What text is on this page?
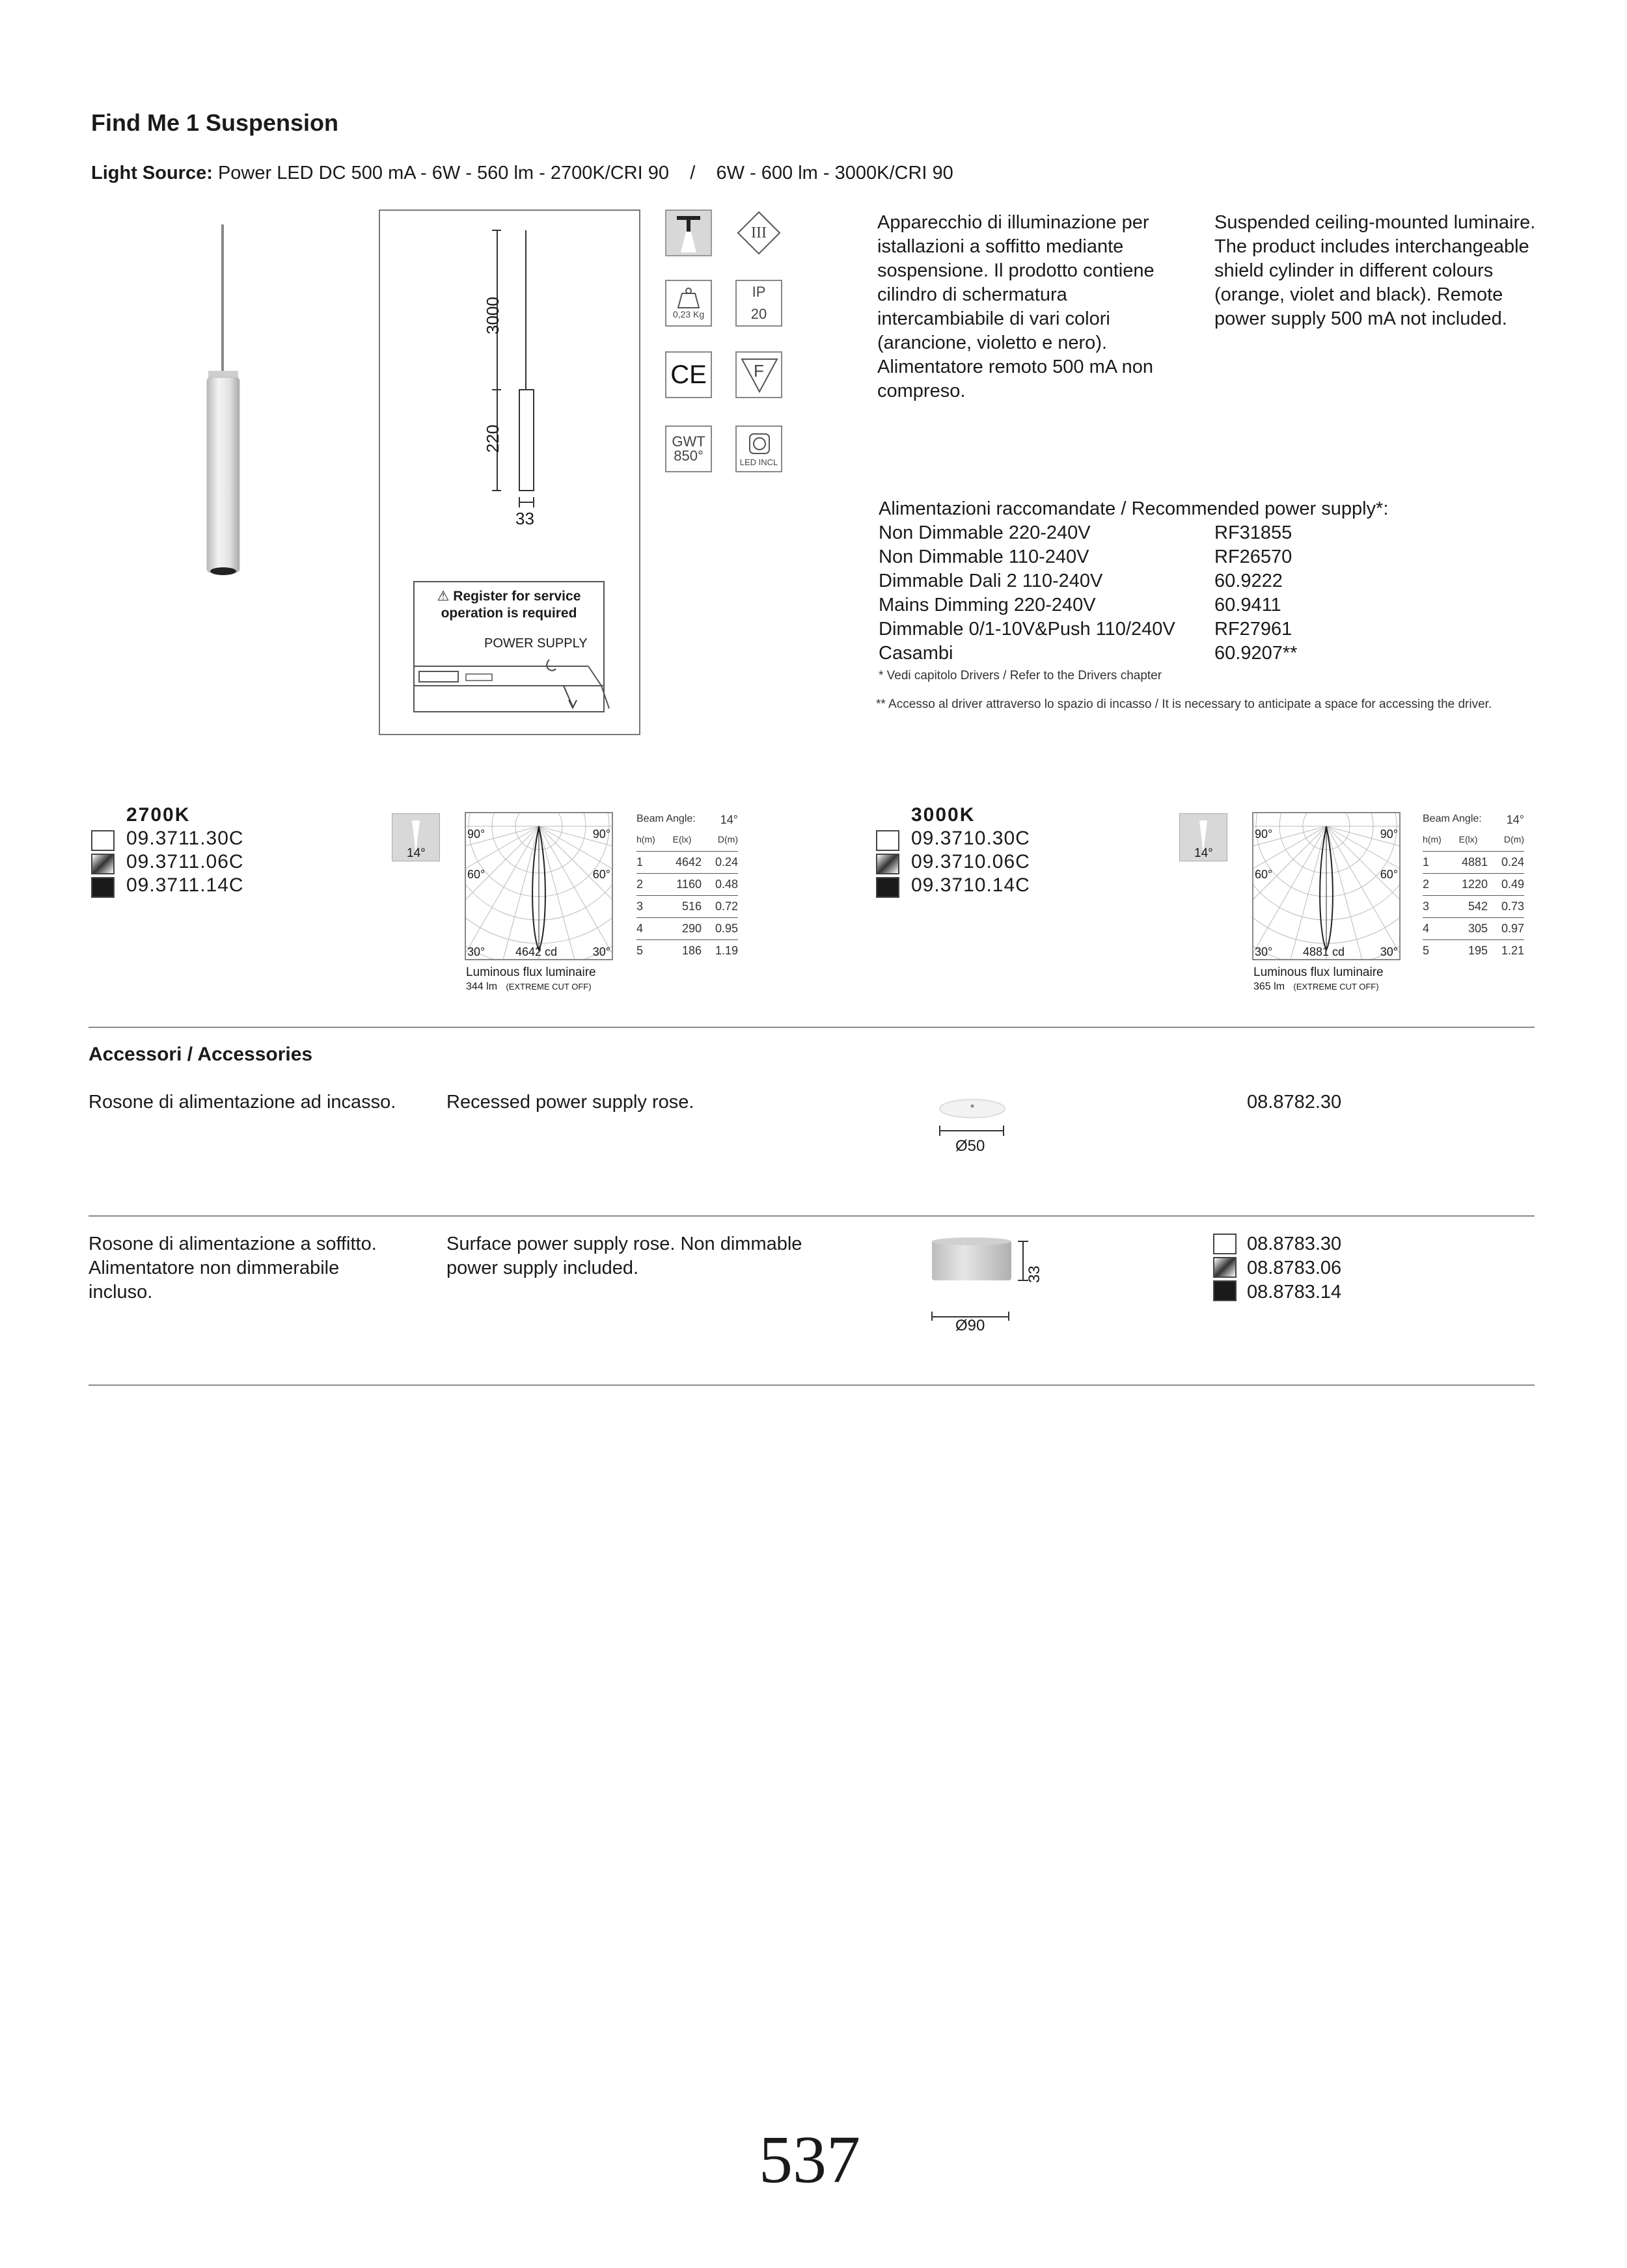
Find Me 1 Suspension
Light Source: Power LED DC 500 mA - 6W - 560 lm - 2700K/CRI 90    /    6W - 600 lm - 3000K/CRI 90
3000
220
33
⚠ Register for service
operation is required
POWER SUPPLY
III
0,23 Kg
IP
20
CE	F
GWT
850°	LED INCL
Apparecchio di illuminazione per istallazioni a soffitto mediante sospensione. Il prodotto contiene cilindro di schermatura intercambiabile di vari colori (arancione, violetto e nero). Alimentatore remoto 500 mA non compreso.
Suspended ceiling-mounted luminaire. The product includes interchangeable shield cylinder in different colours (orange, violet and black). Remote power supply 500 mA not included.
Alimentazioni raccomandate / Recommended power supply*:
Non Dimmable 220-240V	RF31855
Non Dimmable 110-240V	RF26570
Dimmable Dali 2 110-240V	60.9222
Mains Dimming 220-240V	60.9411
Dimmable 0/1-10V&Push 110/240V	RF27961
Casambi	60.9207**
* Vedi capitolo Drivers / Refer to the Drivers chapter
** Accesso al driver attraverso lo spazio di incasso / It is necessary to anticipate a space for accessing the driver.
2700K
09.3711.30C
09.3711.06C
09.3711.14C
14°
90°	90°
60°	60°
30°	30°
4642 cd
Luminous flux luminaire
344 lm (EXTREME CUT OFF)
Beam Angle: 14°
h(m)	E(lx)	D(m)
1	4642	0.24
2	1160	0.48
3	516	0.72
4	290	0.95
5	186	1.19
3000K
09.3710.30C
09.3710.06C
09.3710.14C
14°
90°	90°
60°	60°
30°	30°
4881 cd
Luminous flux luminaire
365 lm (EXTREME CUT OFF)
Beam Angle: 14°
h(m)	E(lx)	D(m)
1	4881	0.24
2	1220	0.49
3	542	0.73
4	305	0.97
5	195	1.21
Accessori / Accessories
Rosone di alimentazione ad incasso.	Recessed power supply rose.
Ø50
08.8782.30
Rosone di alimentazione a soffitto. Alimentatore non dimmerabile incluso.
Surface power supply rose. Non dimmable power supply included.	33
Ø90
08.8783.30
08.8783.06
08.8783.14
537
